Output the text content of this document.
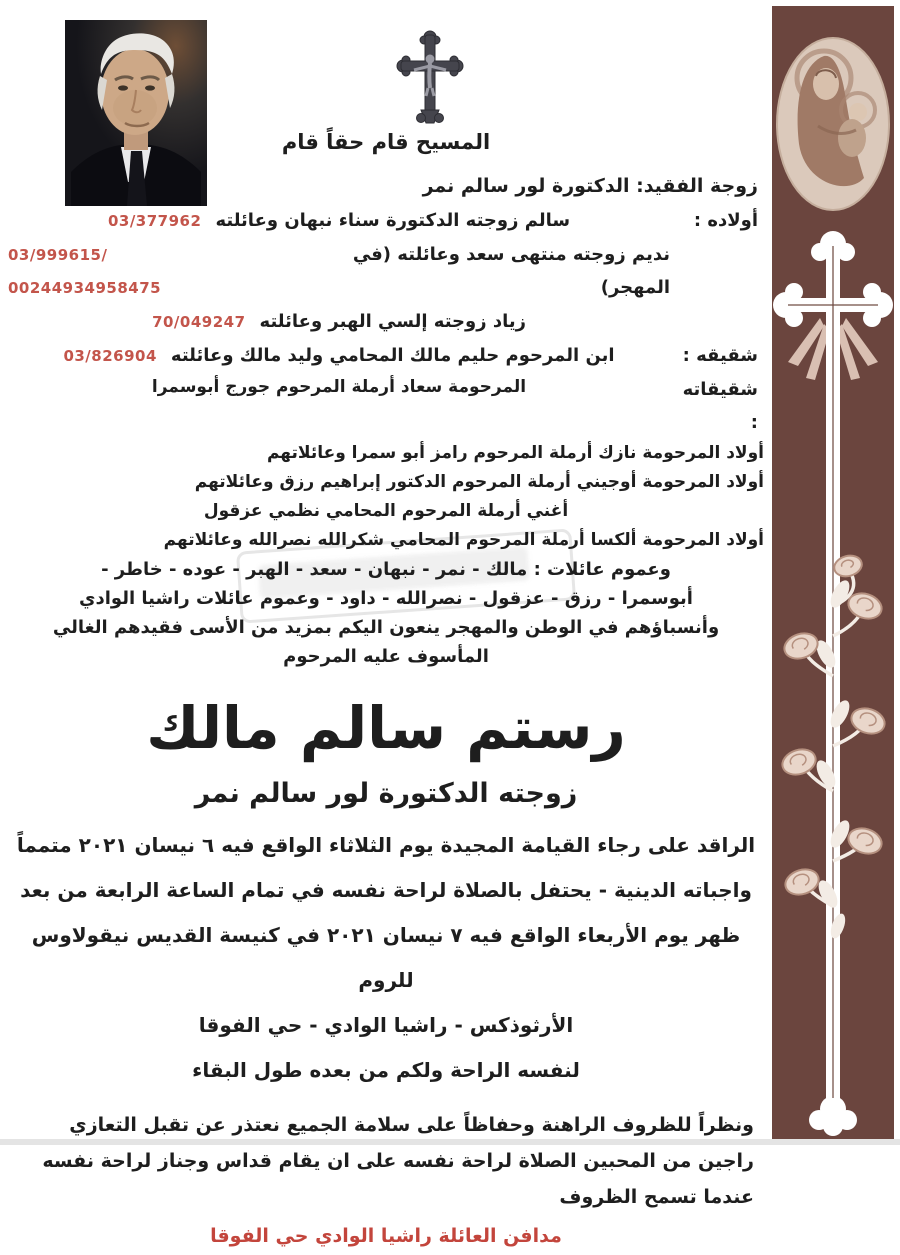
المسيح قام حقاً قام
زوجة الفقيد: الدكتورة لور سالم نمر
أولاده :
سالم زوجته الدكتورة سناء نبهان وعائلته
03/377962
نديم زوجته منتهى سعد وعائلته (في المهجر)
03/999615/ 00244934958475
زياد زوجته إلسي الهبر وعائلته
70/049247
شقيقه :
ابن المرحوم حليم مالك المحامي وليد مالك وعائلته
03/826904
شقيقاته :
المرحومة سعاد أرملة المرحوم جورج أبوسمرا
أولاد المرحومة نازك أرملة المرحوم رامز أبو سمرا وعائلاتهم
أولاد المرحومة أوجيني أرملة المرحوم الدكتور إبراهيم رزق وعائلاتهم
أغني أرملة المرحوم المحامي نظمي عزقول
أولاد المرحومة ألكسا أرملة المرحوم المحامي شكرالله نصرالله وعائلاتهم
وعموم عائلات : مالك - نمر - نبهان - سعد - الهبر - عوده - خاطر -
أبوسمرا - رزق - عزقول - نصرالله - داود - وعموم عائلات راشيا الوادي
وأنسباؤهم في الوطن والمهجر ينعون اليكم بمزيد من الأسى فقيدهم الغالي
المأسوف عليه المرحوم
رستم سالم مالك
زوجته الدكتورة لور سالم نمر
الراقد على رجاء القيامة المجيدة يوم الثلاثاء الواقع فيه ٦ نيسان ٢٠٢١ متمماً
واجباته الدينية - يحتفل بالصلاة لراحة نفسه في تمام الساعة الرابعة من بعد
ظهر يوم الأربعاء الواقع فيه ٧ نيسان ٢٠٢١ في كنيسة القديس نيقولاوس للروم
الأرثوذكس - راشيا الوادي - حي الفوقا
لنفسه الراحة ولكم من بعده طول البقاء
ونظراً للظروف الراهنة وحفاظاً على سلامة الجميع نعتذر عن تقبل التعازي
راجين من المحبين الصلاة لراحة نفسه على ان يقام قداس وجناز لراحة نفسه
عندما تسمح الظروف
مدافن العائلة راشيا الوادي حي الفوقا
